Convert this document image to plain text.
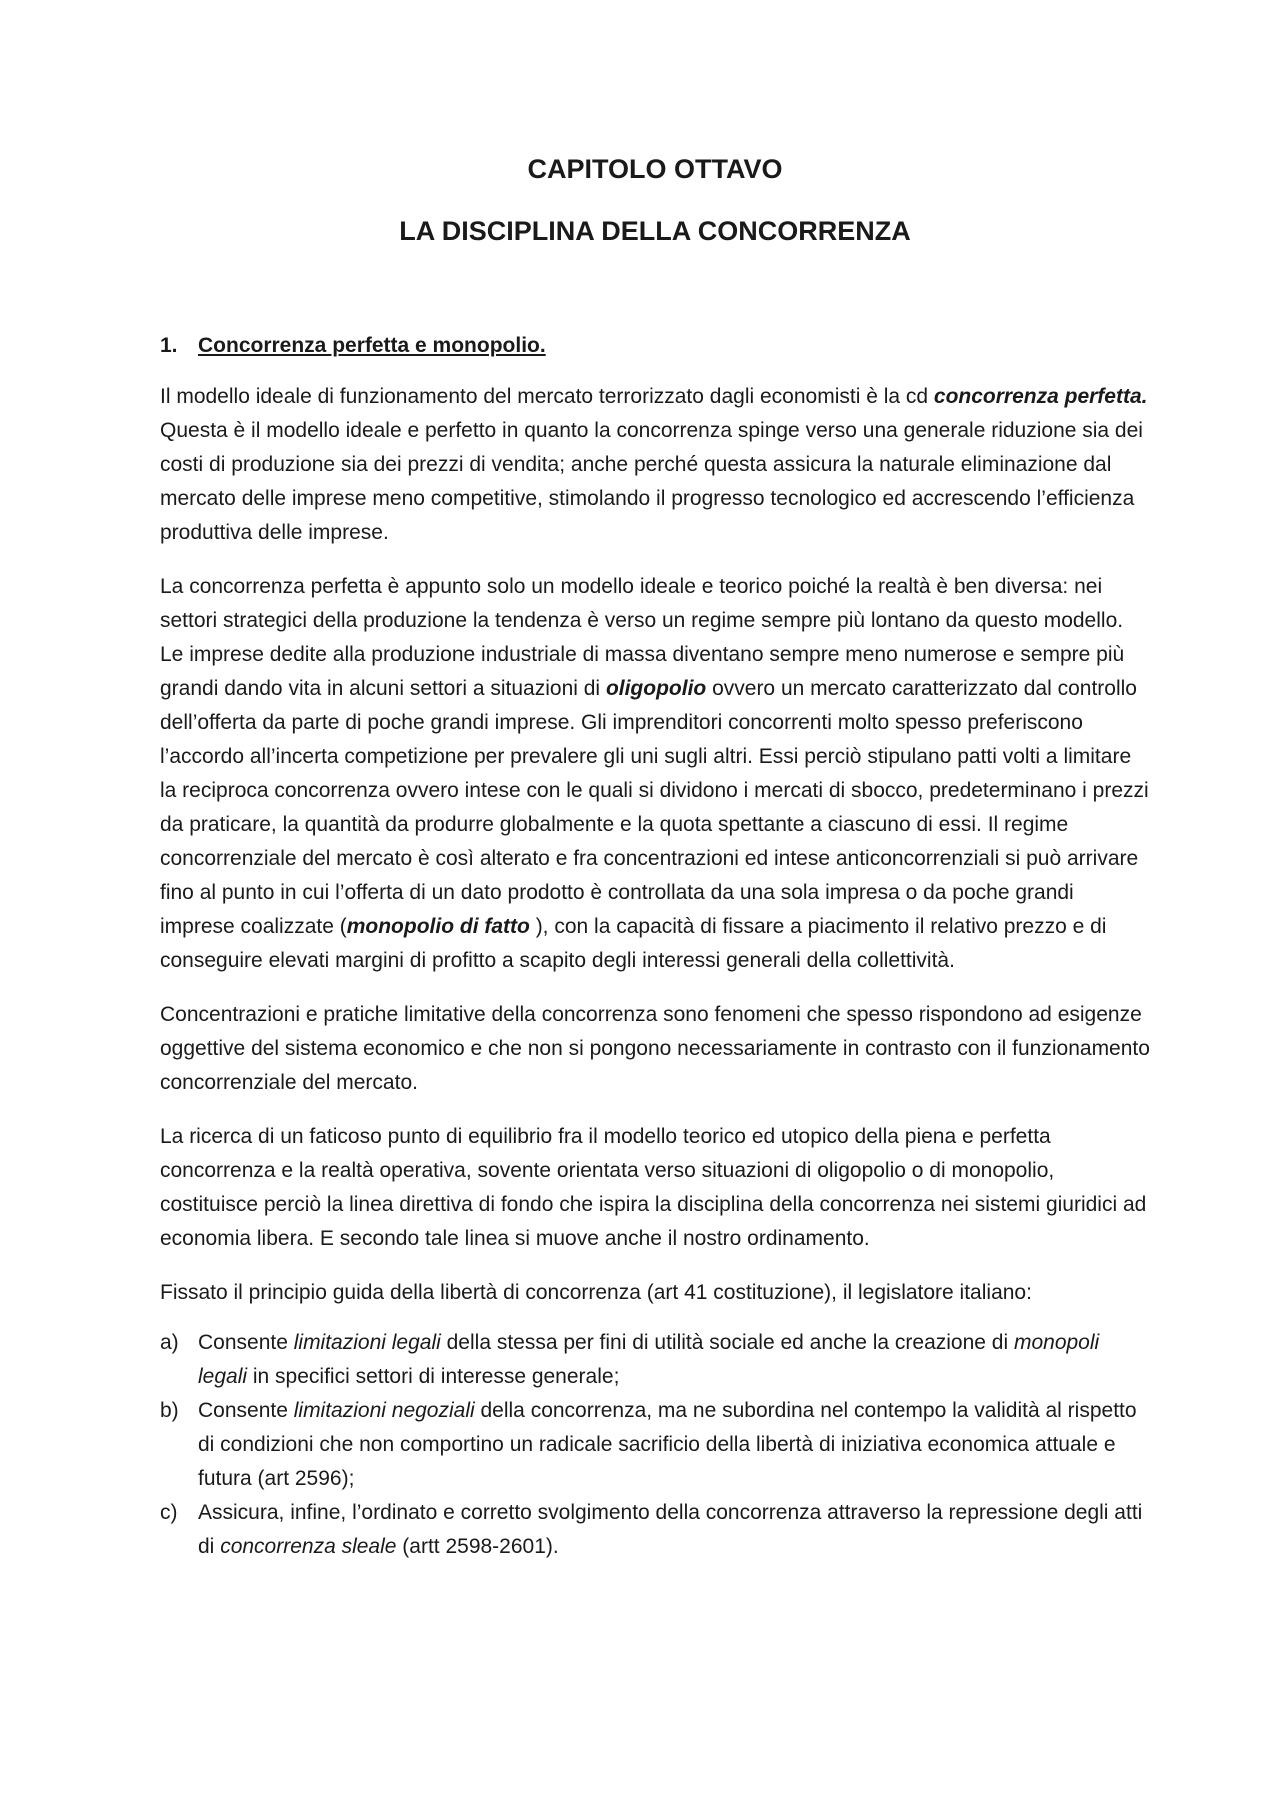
CAPITOLO OTTAVO
LA DISCIPLINA DELLA CONCORRENZA
1. Concorrenza perfetta e monopolio.

Il modello ideale di funzionamento del mercato terrorizzato dagli economisti è la cd concorrenza perfetta. Questa è il modello ideale e perfetto in quanto la concorrenza spinge verso una generale riduzione sia dei costi di produzione sia dei prezzi di vendita; anche perché questa assicura la naturale eliminazione dal mercato delle imprese meno competitive, stimolando il progresso tecnologico ed accrescendo l’efficienza produttiva delle imprese.

La concorrenza perfetta è appunto solo un modello ideale e teorico poiché la realtà è ben diversa: nei settori strategici della produzione la tendenza è verso un regime sempre più lontano da questo modello. Le imprese dedite alla produzione industriale di massa diventano sempre meno numerose e sempre più grandi dando vita in alcuni settori a situazioni di oligopolio ovvero un mercato caratterizzato dal controllo dell’offerta da parte di poche grandi imprese. Gli imprenditori concorrenti molto spesso preferiscono l’accordo all’incerta competizione per prevalere gli uni sugli altri. Essi perciò stipulano patti volti a limitare la reciproca concorrenza ovvero intese con le quali si dividono i mercati di sbocco, predeterminano i prezzi da praticare, la quantità da produrre globalmente e la quota spettante a ciascuno di essi. Il regime concorrenziale del mercato è così alterato e fra concentrazioni ed intese anticoncorrenziali si può arrivare fino al punto in cui l’offerta di un dato prodotto è controllata da una sola impresa o da poche grandi imprese coalizzate (monopolio di fatto ), con la capacità di fissare a piacimento il relativo prezzo e di conseguire elevati margini di profitto a scapito degli interessi generali della collettività.

Concentrazioni e pratiche limitative della concorrenza sono fenomeni che spesso rispondono ad esigenze oggettive del sistema economico e che non si pongono necessariamente in contrasto con il funzionamento concorrenziale del mercato.

La ricerca di un faticoso punto di equilibrio fra il modello teorico ed utopico della piena e perfetta concorrenza e la realtà operativa, sovente orientata verso situazioni di oligopolio o di monopolio, costituisce perciò la linea direttiva di fondo che ispira la disciplina della concorrenza nei sistemi giuridici ad economia libera. E secondo tale linea si muove anche il nostro ordinamento.

Fissato il principio guida della libertà di concorrenza (art 41 costituzione), il legislatore italiano:

a) Consente limitazioni legali della stessa per fini di utilità sociale ed anche la creazione di monopoli legali in specifici settori di interesse generale;
b) Consente limitazioni negoziali della concorrenza, ma ne subordina nel contempo la validità al rispetto di condizioni che non comportino un radicale sacrificio della libertà di iniziativa economica attuale e futura (art 2596);
c) Assicura, infine, l’ordinato e corretto svolgimento della concorrenza attraverso la repressione degli atti di concorrenza sleale (artt 2598-2601).
